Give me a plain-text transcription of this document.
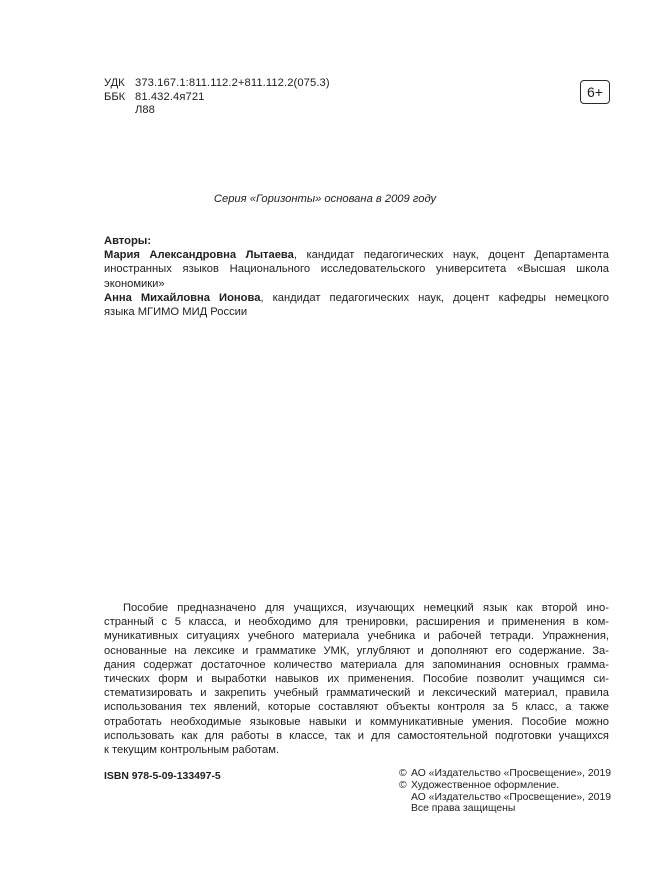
УДК 373.167.1:811.112.2+811.112.2(075.3)
ББК 81.432.4я721
Л88
6+
Серия «Горизонты» основана в 2009 году
Авторы:
Мария Александровна Лытаева, кандидат педагогических наук, доцент Департамента
иностранных языков Национального исследовательского университета «Высшая школа
экономики»
Анна Михайловна Ионова, кандидат педагогических наук, доцент кафедры немецкого
языка МГИМО МИД России
Пособие предназначено для учащихся, изучающих немецкий язык как второй ино-
странный с 5 класса, и необходимо для тренировки, расширения и применения в ком-
муникативных ситуациях учебного материала учебника и рабочей тетради. Упражнения,
основанные на лексике и грамматике УМК, углубляют и дополняют его содержание. За-
дания содержат достаточное количество материала для запоминания основных граммa-
тических форм и выработки навыков их применения. Пособие позволит учащимся си-
стематизировать и закрепить учебный грамматический и лексический материал, правила
использования тех явлений, которые составляют объекты контроля за 5 класс, а также
отработать необходимые языковые навыки и коммуникативные умения. Пособие можно
использовать как для работы в классе, так и для самостоятельной подготовки учащихся
к текущим контрольным работам.
ISBN 978-5-09-133497-5	© АО «Издательство «Просвещение», 2019
© Художественное оформление.
АО «Издательство «Просвещение», 2019
Все права защищены
